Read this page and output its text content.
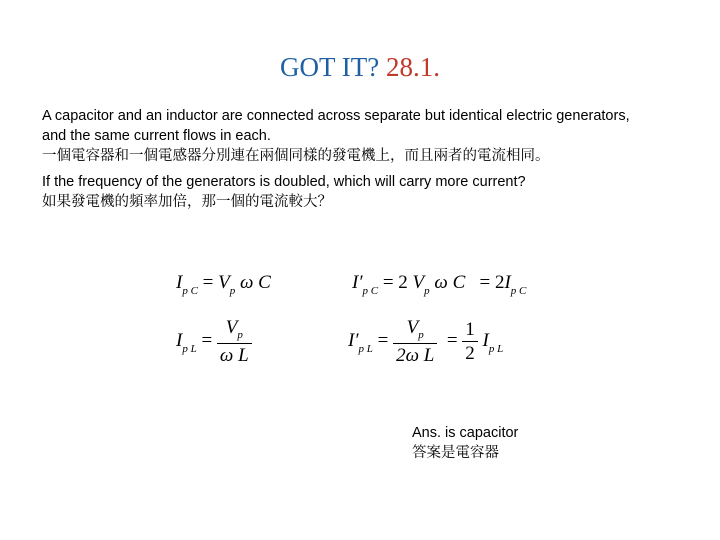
GOT IT? 28.1.
A capacitor and an inductor are connected across separate but identical electric generators,
and the same current flows in each.
一個電容器和一個電感器分別連在兩個同樣的發電機上，而且兩者的電流相同。
If the frequency of the generators is doubled, which will carry more current?
如果發電機的頻率加倍，那一個的電流較大？
$I_{p C} = V_p$ ω C	$I'_{p C} = 2$ $V_p$ ω $C = 2I_{p C}$
$I_{p L} = \frac{V_p}{\text{ω L}}$	$I'_{p L} = \frac{V_p}{\text{2ω L}} = \frac{1}{2} I_{p L}$
Ans. is capacitor
答案是電容器
